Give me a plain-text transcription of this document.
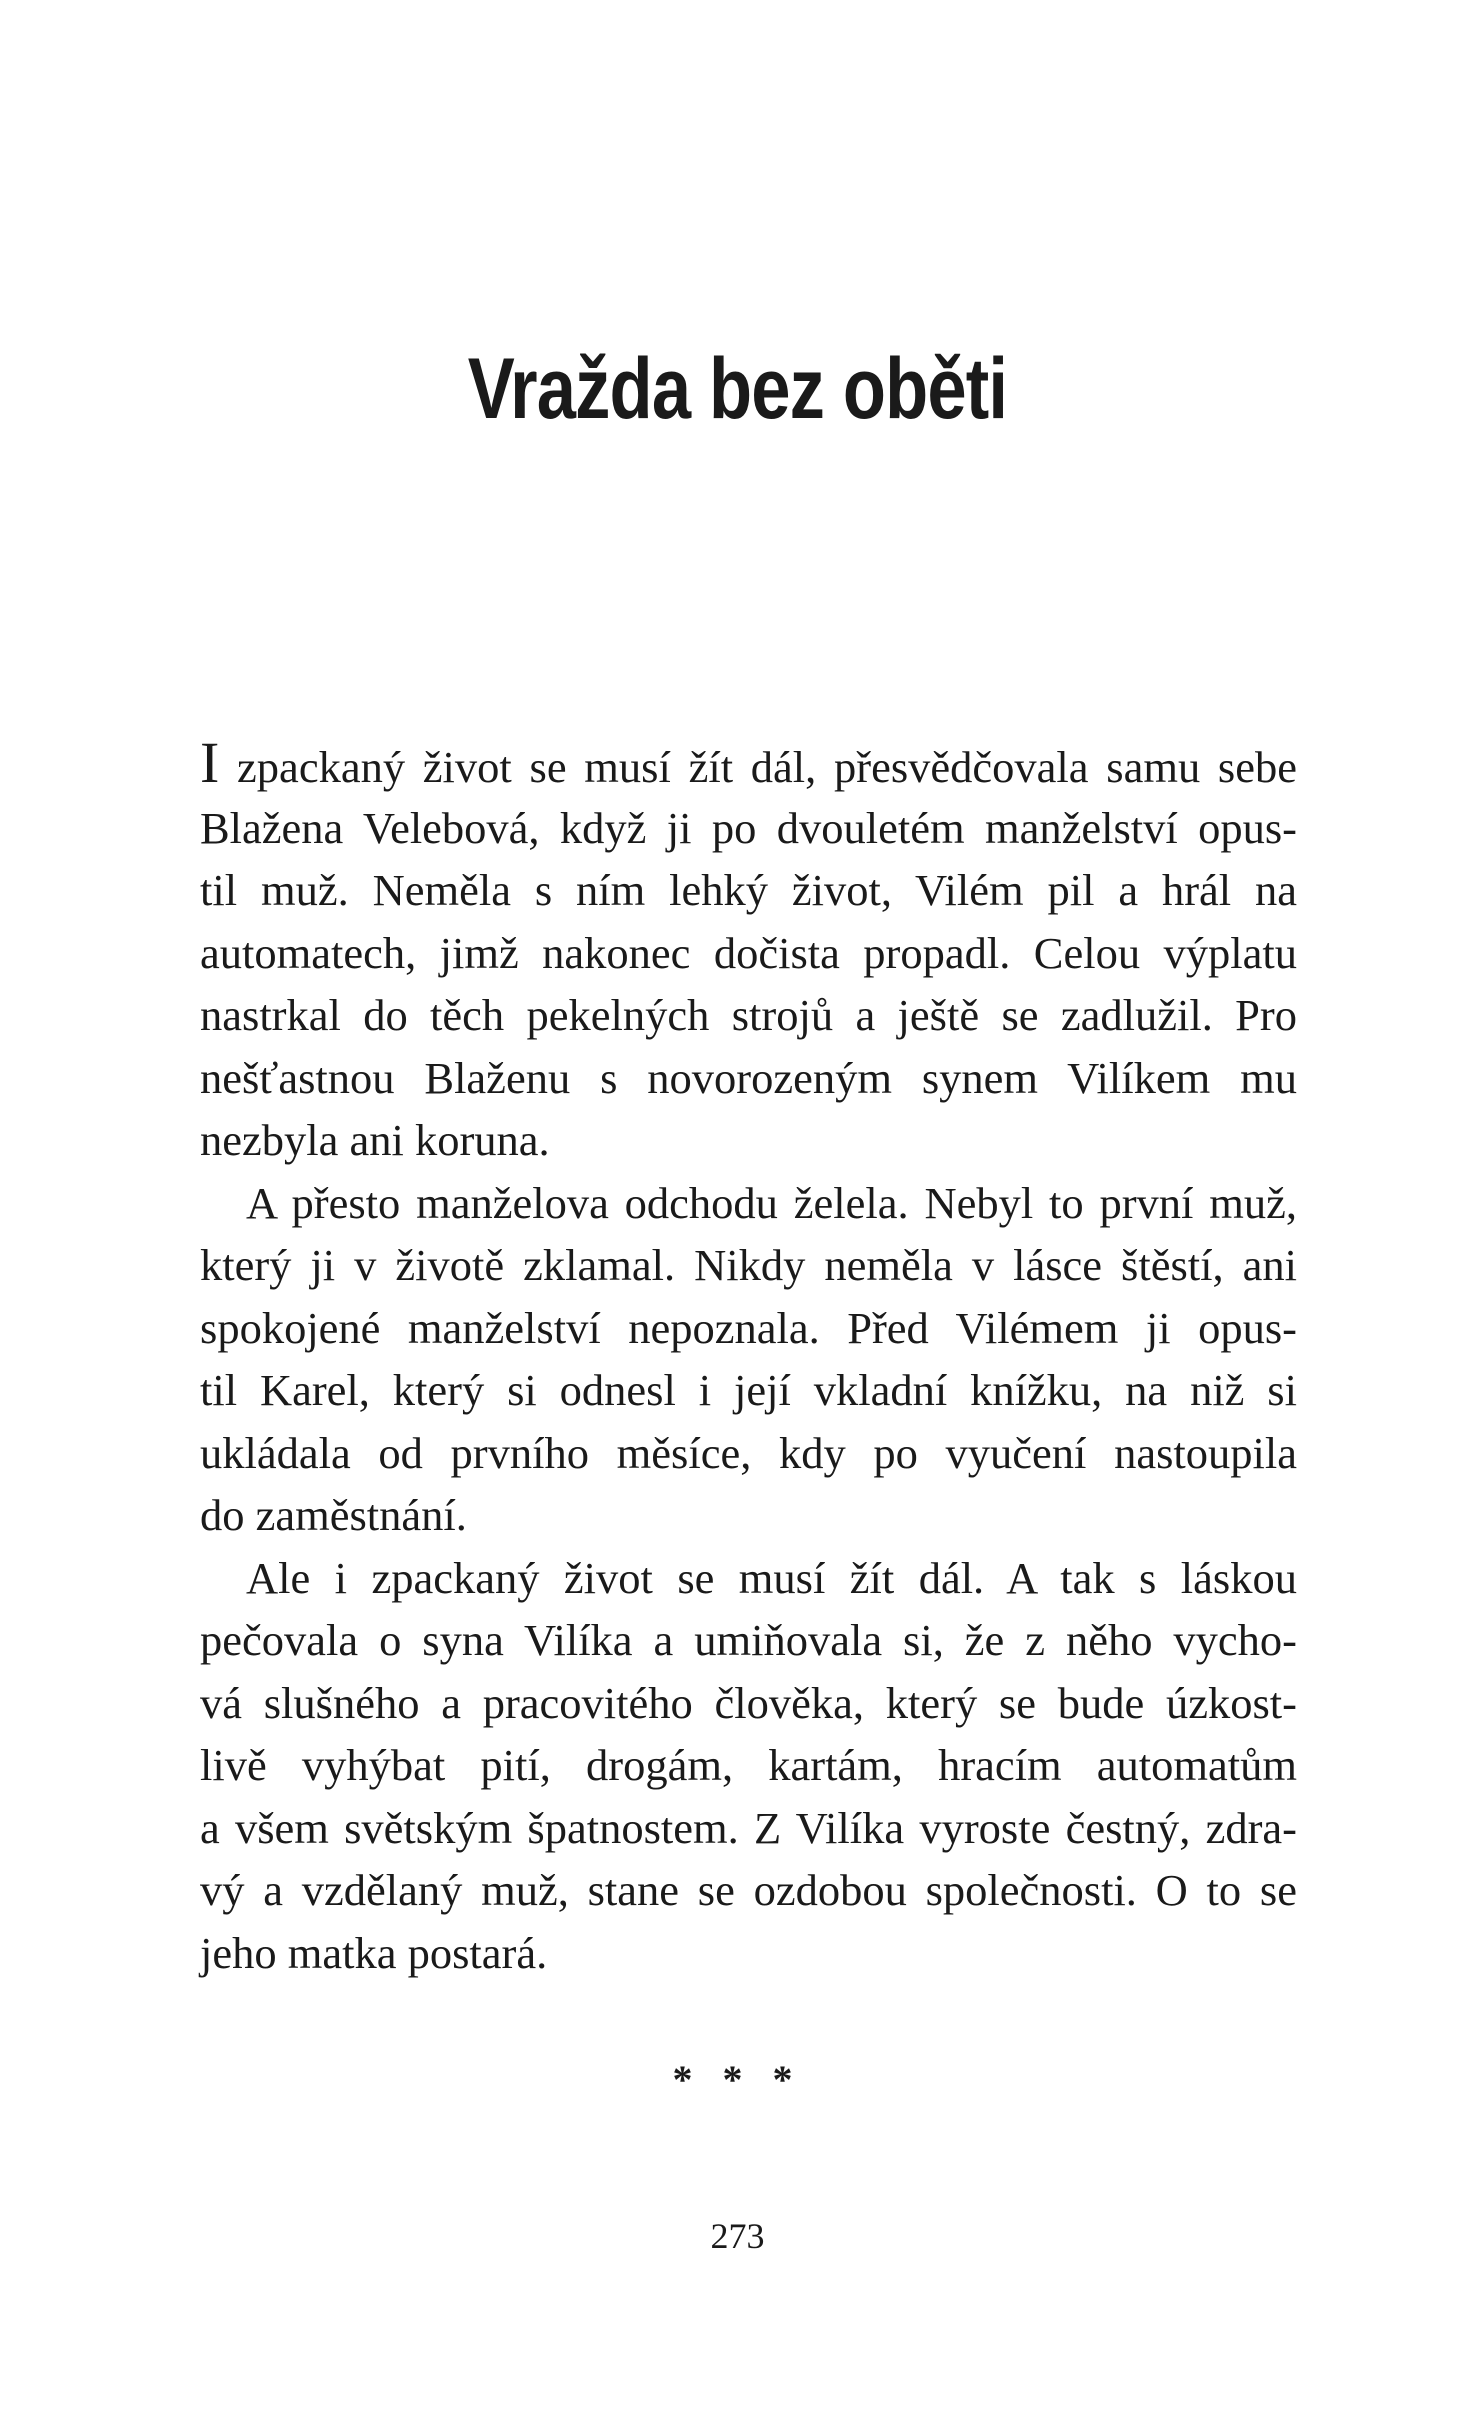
Vražda bez oběti
I zpackaný život se musí žít dál, přesvědčovala samu sebe
Blažena Velebová, když ji po dvouletém manželství opus-
til muž. Neměla s ním lehký život, Vilém pil a hrál na
automatech, jimž nakonec dočista propadl. Celou výplatu
nastrkal do těch pekelných strojů a ještě se zadlužil. Pro
nešťastnou Blaženu s novorozeným synem Vilíkem mu
nezbyla ani koruna.
A přesto manželova odchodu želela. Nebyl to první muž,
který ji v životě zklamal. Nikdy neměla v lásce štěstí, ani
spokojené manželství nepoznala. Před Vilémem ji opus-
til Karel, který si odnesl i její vkladní knížku, na niž si
ukládala od prvního měsíce, kdy po vyučení nastoupila
do zaměstnání.
Ale i zpackaný život se musí žít dál. A tak s láskou
pečovala o syna Vilíka a umiňovala si, že z něho vycho-
vá slušného a pracovitého člověka, který se bude úzkost-
livě vyhýbat pití, drogám, kartám, hracím automatům
a všem světským špatnostem. Z Vilíka vyroste čestný, zdra-
vý a vzdělaný muž, stane se ozdobou společnosti. O to se
jeho matka postará.
* * *
273
